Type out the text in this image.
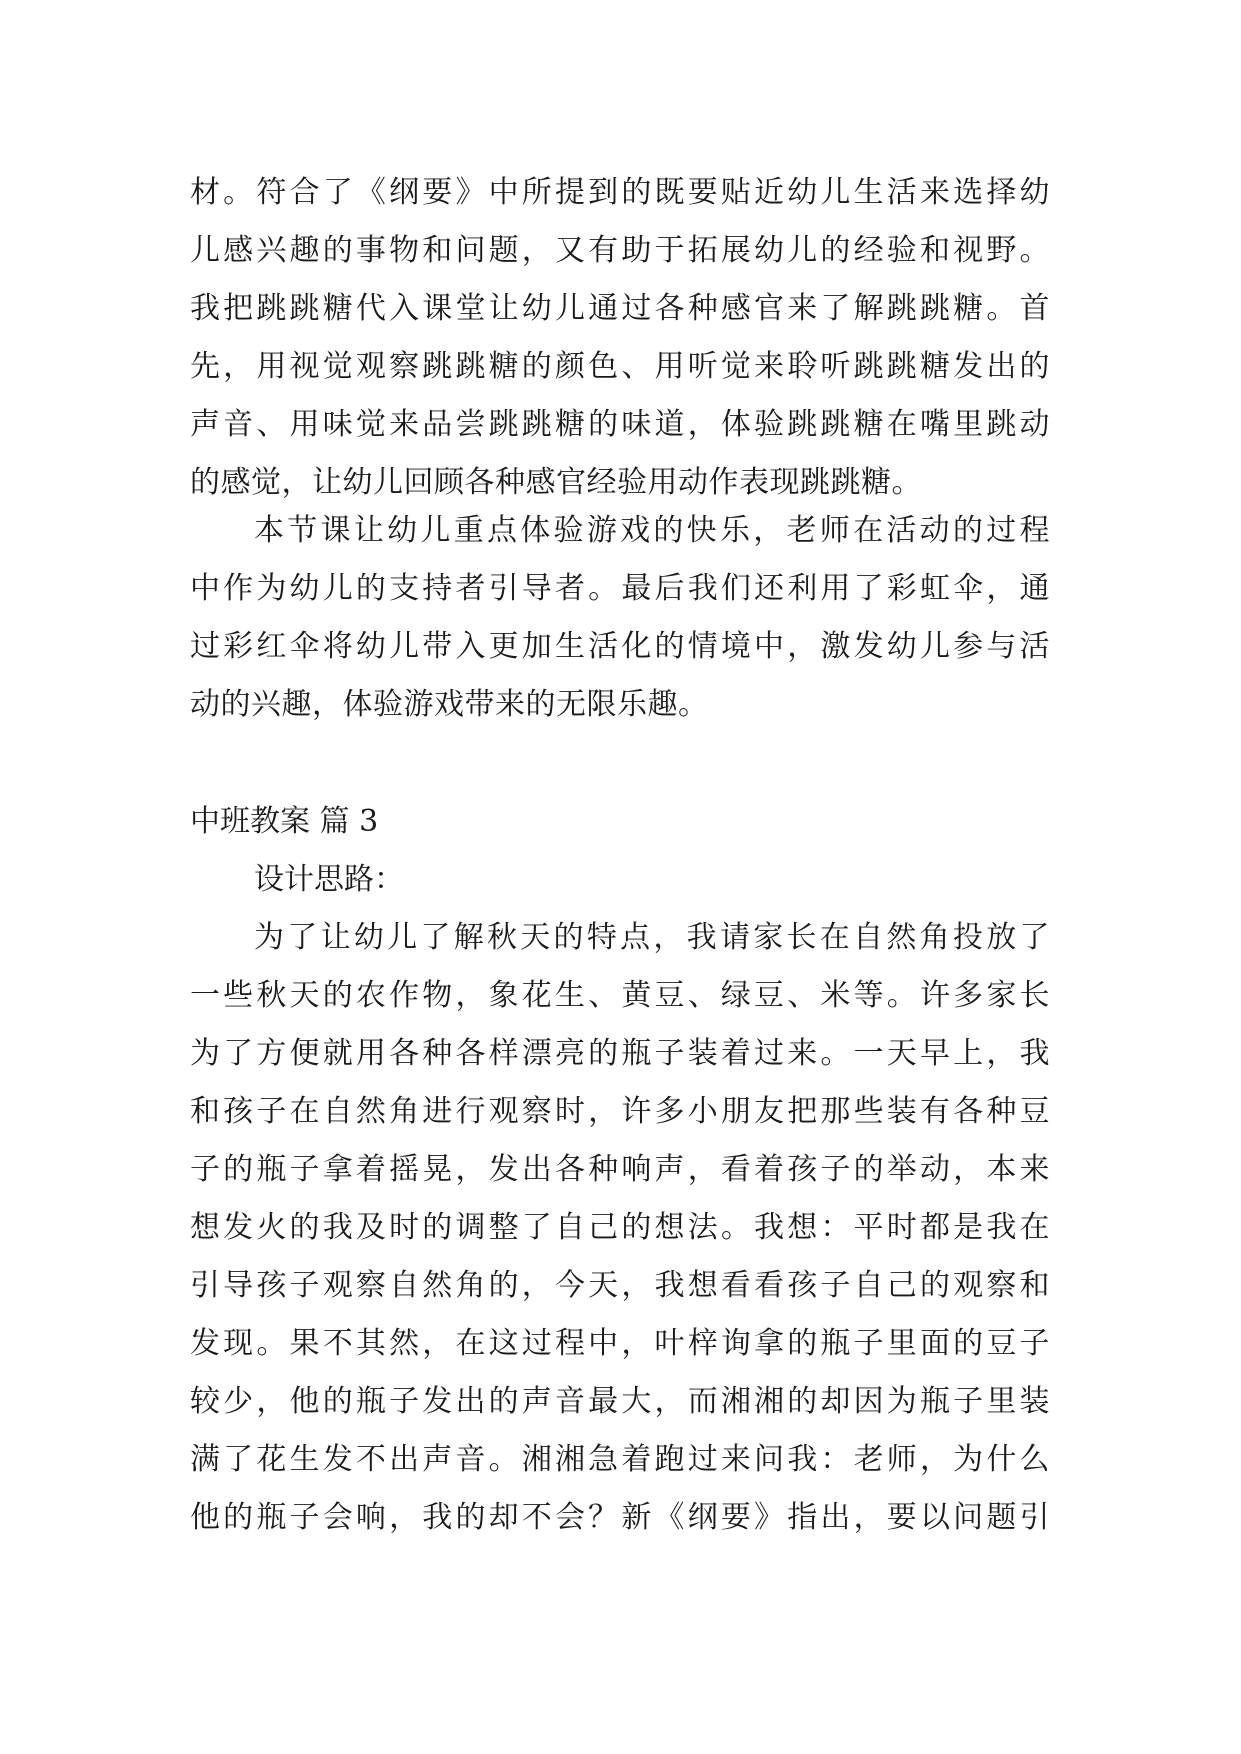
材。符合了《纲要》中所提到的既要贴近幼儿生活来选择幼
儿感兴趣的事物和问题，又有助于拓展幼儿的经验和视野。
我把跳跳糖代入课堂让幼儿通过各种感官来了解跳跳糖。首
先，用视觉观察跳跳糖的颜色、用听觉来聆听跳跳糖发出的
声音、用味觉来品尝跳跳糖的味道，体验跳跳糖在嘴里跳动
的感觉，让幼儿回顾各种感官经验用动作表现跳跳糖。
本节课让幼儿重点体验游戏的快乐，老师在活动的过程
中作为幼儿的支持者引导者。最后我们还利用了彩虹伞，通
过彩红伞将幼儿带入更加生活化的情境中，激发幼儿参与活
动的兴趣，体验游戏带来的无限乐趣。
中班教案 篇 3
设计思路：
为了让幼儿了解秋天的特点，我请家长在自然角投放了
一些秋天的农作物，象花生、黄豆、绿豆、米等。许多家长
为了方便就用各种各样漂亮的瓶子装着过来。一天早上，我
和孩子在自然角进行观察时，许多小朋友把那些装有各种豆
子的瓶子拿着摇晃，发出各种响声，看着孩子的举动，本来
想发火的我及时的调整了自己的想法。我想：平时都是我在
引导孩子观察自然角的，今天，我想看看孩子自己的观察和
发现。果不其然，在这过程中，叶梓询拿的瓶子里面的豆子
较少，他的瓶子发出的声音最大，而湘湘的却因为瓶子里装
满了花生发不出声音。湘湘急着跑过来问我：老师，为什么
他的瓶子会响，我的却不会？新《纲要》指出，要以问题引
